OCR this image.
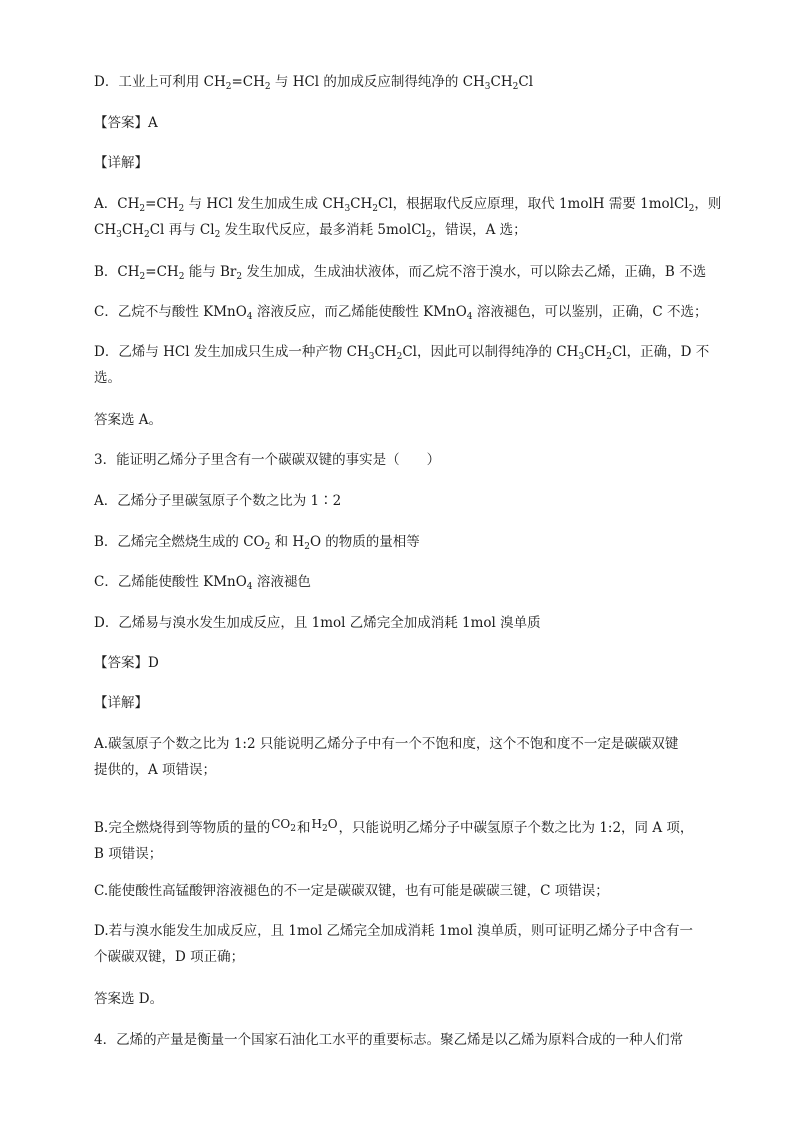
D．工业上可利用 $CH_2=CH_2$ 与 HCl 的加成反应制得纯净的 $CH_3CH_2Cl$
【答案】A
【详解】
A．$CH_2=CH_2$ 与 HCl 发生加成生成 $CH_3CH_2Cl$，根据取代反应原理，取代 1molH 需要 1molCl$_2$，则
$CH_3CH_2Cl$ 再与 $Cl_2$ 发生取代反应，最多消耗 5molCl$_2$，错误，A 选；
B．$CH_2=CH_2$ 能与 $Br_2$ 发生加成，生成油状液体，而乙烷不溶于溴水，可以除去乙烯，正确，B 不选
C．乙烷不与酸性 KMnO$_4$ 溶液反应，而乙烯能使酸性 KMnO$_4$ 溶液褪色，可以鉴别，正确，C 不选；
D．乙烯与 HCl 发生加成只生成一种产物 $CH_3CH_2Cl$，因此可以制得纯净的 $CH_3CH_2Cl$，正确，D 不
选。
答案选 A。
3．能证明乙烯分子里含有一个碳碳双键的事实是（　　）
A．乙烯分子里碳氢原子个数之比为 1∶2
B．乙烯完全燃烧生成的 $CO_2$ 和 $H_2O$ 的物质的量相等
C．乙烯能使酸性 KMnO$_4$ 溶液褪色
D．乙烯易与溴水发生加成反应，且 1mol 乙烯完全加成消耗 1mol 溴单质
【答案】D
【详解】
A.碳氢原子个数之比为 1:2 只能说明乙烯分子中有一个不饱和度，这个不饱和度不一定是碳碳双键
提供的，A 项错误；
B.完全燃烧得到等物质的量的$CO_2$和$H_2O$，只能说明乙烯分子中碳氢原子个数之比为 1:2，同 A 项，
B 项错误；
C.能使酸性高锰酸钾溶液褪色的不一定是碳碳双键，也有可能是碳碳三键，C 项错误；
D.若与溴水能发生加成反应，且 1mol 乙烯完全加成消耗 1mol 溴单质，则可证明乙烯分子中含有一
个碳碳双键，D 项正确；
答案选 D。
4．乙烯的产量是衡量一个国家石油化工水平的重要标志。聚乙烯是以乙烯为原料合成的一种人们常
